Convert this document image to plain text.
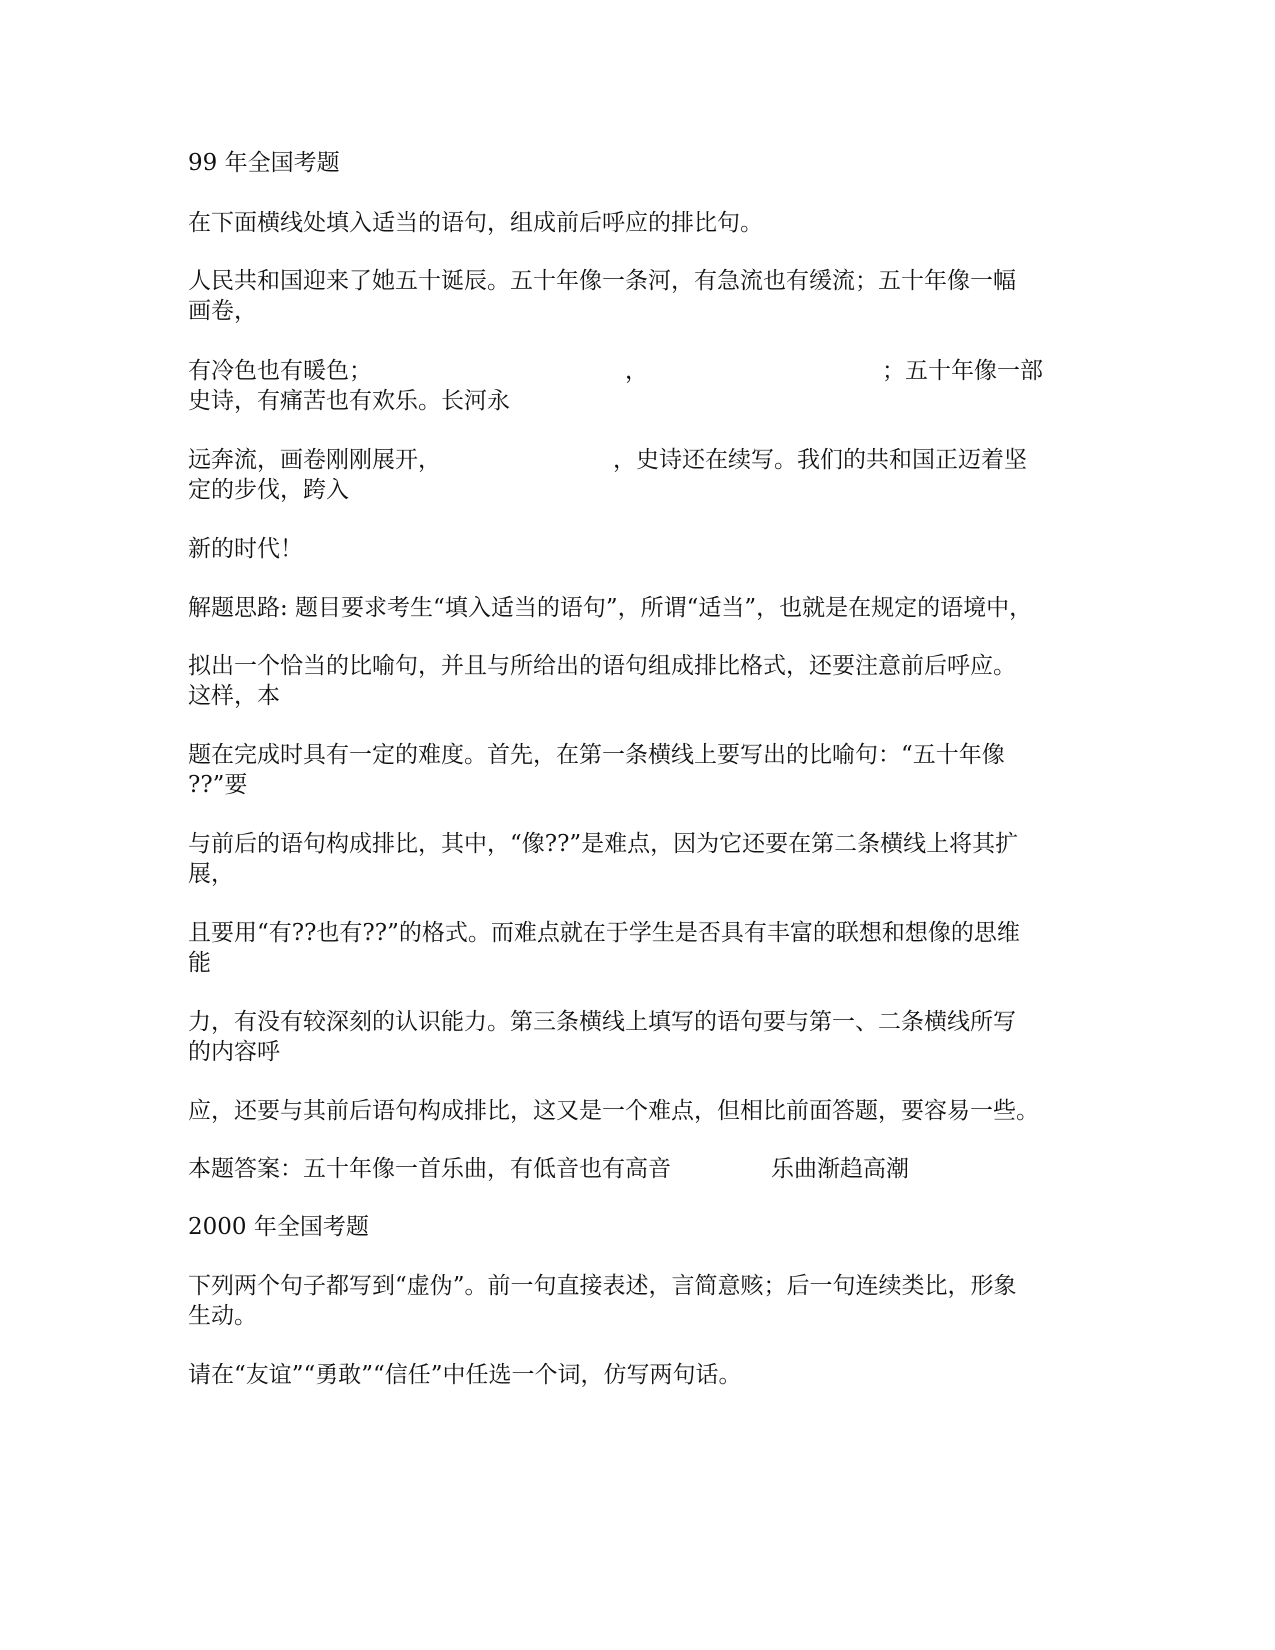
99 年全国考题
在下面横线处填入适当的语句，组成前后呼应的排比句。
人民共和国迎来了她五十诞辰。五十年像一条河，有急流也有缓流；五十年像一幅
画卷，
有冷色也有暖色；	，	；五十年像一部
史诗，有痛苦也有欢乐。长河永
远奔流，画卷刚刚展开，	，史诗还在续写。我们的共和国正迈着坚
定的步伐，跨入
新的时代！
解题思路: 题目要求考生“填入适当的语句”，所谓“适当”，也就是在规定的语境中，
拟出一个恰当的比喻句，并且与所给出的语句组成排比格式，还要注意前后呼应。
这样，本
题在完成时具有一定的难度。首先，在第一条横线上要写出的比喻句：“五十年像
??”要
与前后的语句构成排比，其中，“像??”是难点，因为它还要在第二条横线上将其扩
展，
且要用“有??也有??”的格式。而难点就在于学生是否具有丰富的联想和想像的思维
能
力，有没有较深刻的认识能力。第三条横线上填写的语句要与第一、二条横线所写
的内容呼
应，还要与其前后语句构成排比，这又是一个难点，但相比前面答题，要容易一些。
本题答案：五十年像一首乐曲，有低音也有高音	乐曲渐趋高潮
2000 年全国考题
下列两个句子都写到“虚伪”。前一句直接表述，言简意赅；后一句连续类比，形象
生动。
请在“友谊”“勇敢”“信任”中任选一个词，仿写两句话。
